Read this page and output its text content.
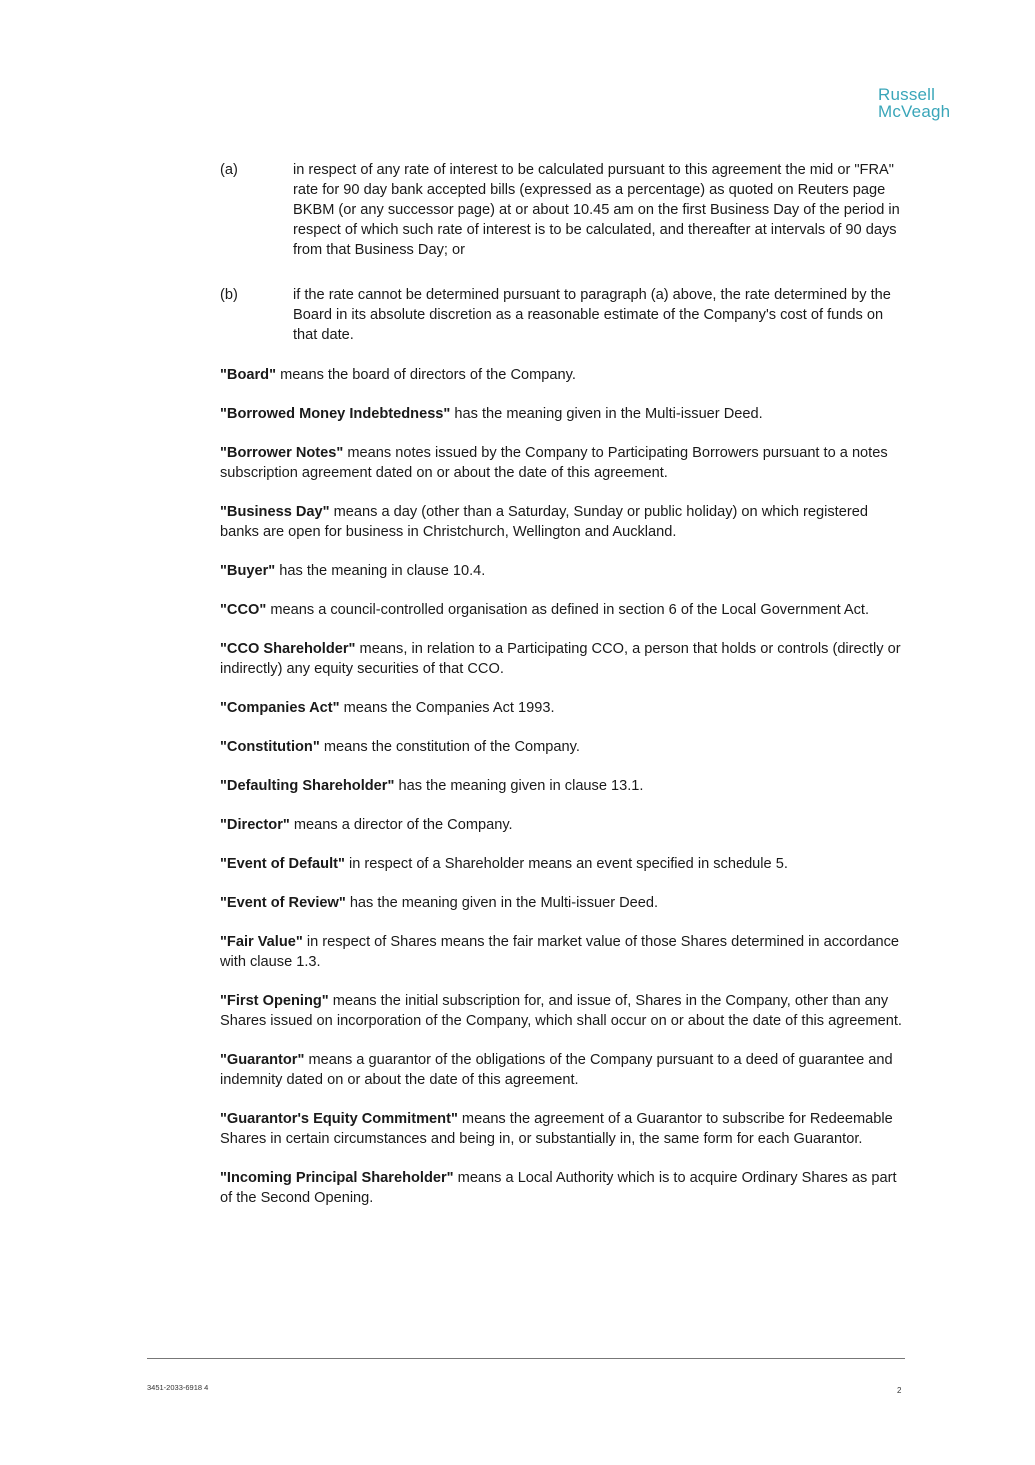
Russell
McVeagh
(a)	in respect of any rate of interest to be calculated pursuant to this agreement the mid or "FRA" rate for 90 day bank accepted bills (expressed as a percentage) as quoted on Reuters page BKBM (or any successor page) at or about 10.45 am on the first Business Day of the period in respect of which such rate of interest is to be calculated, and thereafter at intervals of 90 days from that Business Day; or
(b)	if the rate cannot be determined pursuant to paragraph (a) above, the rate determined by the Board in its absolute discretion as a reasonable estimate of the Company's cost of funds on that date.
"Board" means the board of directors of the Company.
"Borrowed Money Indebtedness" has the meaning given in the Multi-issuer Deed.
"Borrower Notes" means notes issued by the Company to Participating Borrowers pursuant to a notes subscription agreement dated on or about the date of this agreement.
"Business Day" means a day (other than a Saturday, Sunday or public holiday) on which registered banks are open for business in Christchurch, Wellington and Auckland.
"Buyer" has the meaning in clause 10.4.
"CCO" means a council-controlled organisation as defined in section 6 of the Local Government Act.
"CCO Shareholder" means, in relation to a Participating CCO, a person that holds or controls (directly or indirectly) any equity securities of that CCO.
"Companies Act" means the Companies Act 1993.
"Constitution" means the constitution of the Company.
"Defaulting Shareholder" has the meaning given in clause 13.1.
"Director" means a director of the Company.
"Event of Default" in respect of a Shareholder means an event specified in schedule 5.
"Event of Review" has the meaning given in the Multi-issuer Deed.
"Fair Value" in respect of Shares means the fair market value of those Shares determined in accordance with clause 1.3.
"First Opening" means the initial subscription for, and issue of, Shares in the Company, other than any Shares issued on incorporation of the Company, which shall occur on or about the date of this agreement.
"Guarantor" means a guarantor of the obligations of the Company pursuant to a deed of guarantee and indemnity dated on or about the date of this agreement.
"Guarantor's Equity Commitment" means the agreement of a Guarantor to subscribe for Redeemable Shares in certain circumstances and being in, or substantially in, the same form for each Guarantor.
"Incoming Principal Shareholder" means a Local Authority which is to acquire Ordinary Shares as part of the Second Opening.
3451-2033-6918 4	2
